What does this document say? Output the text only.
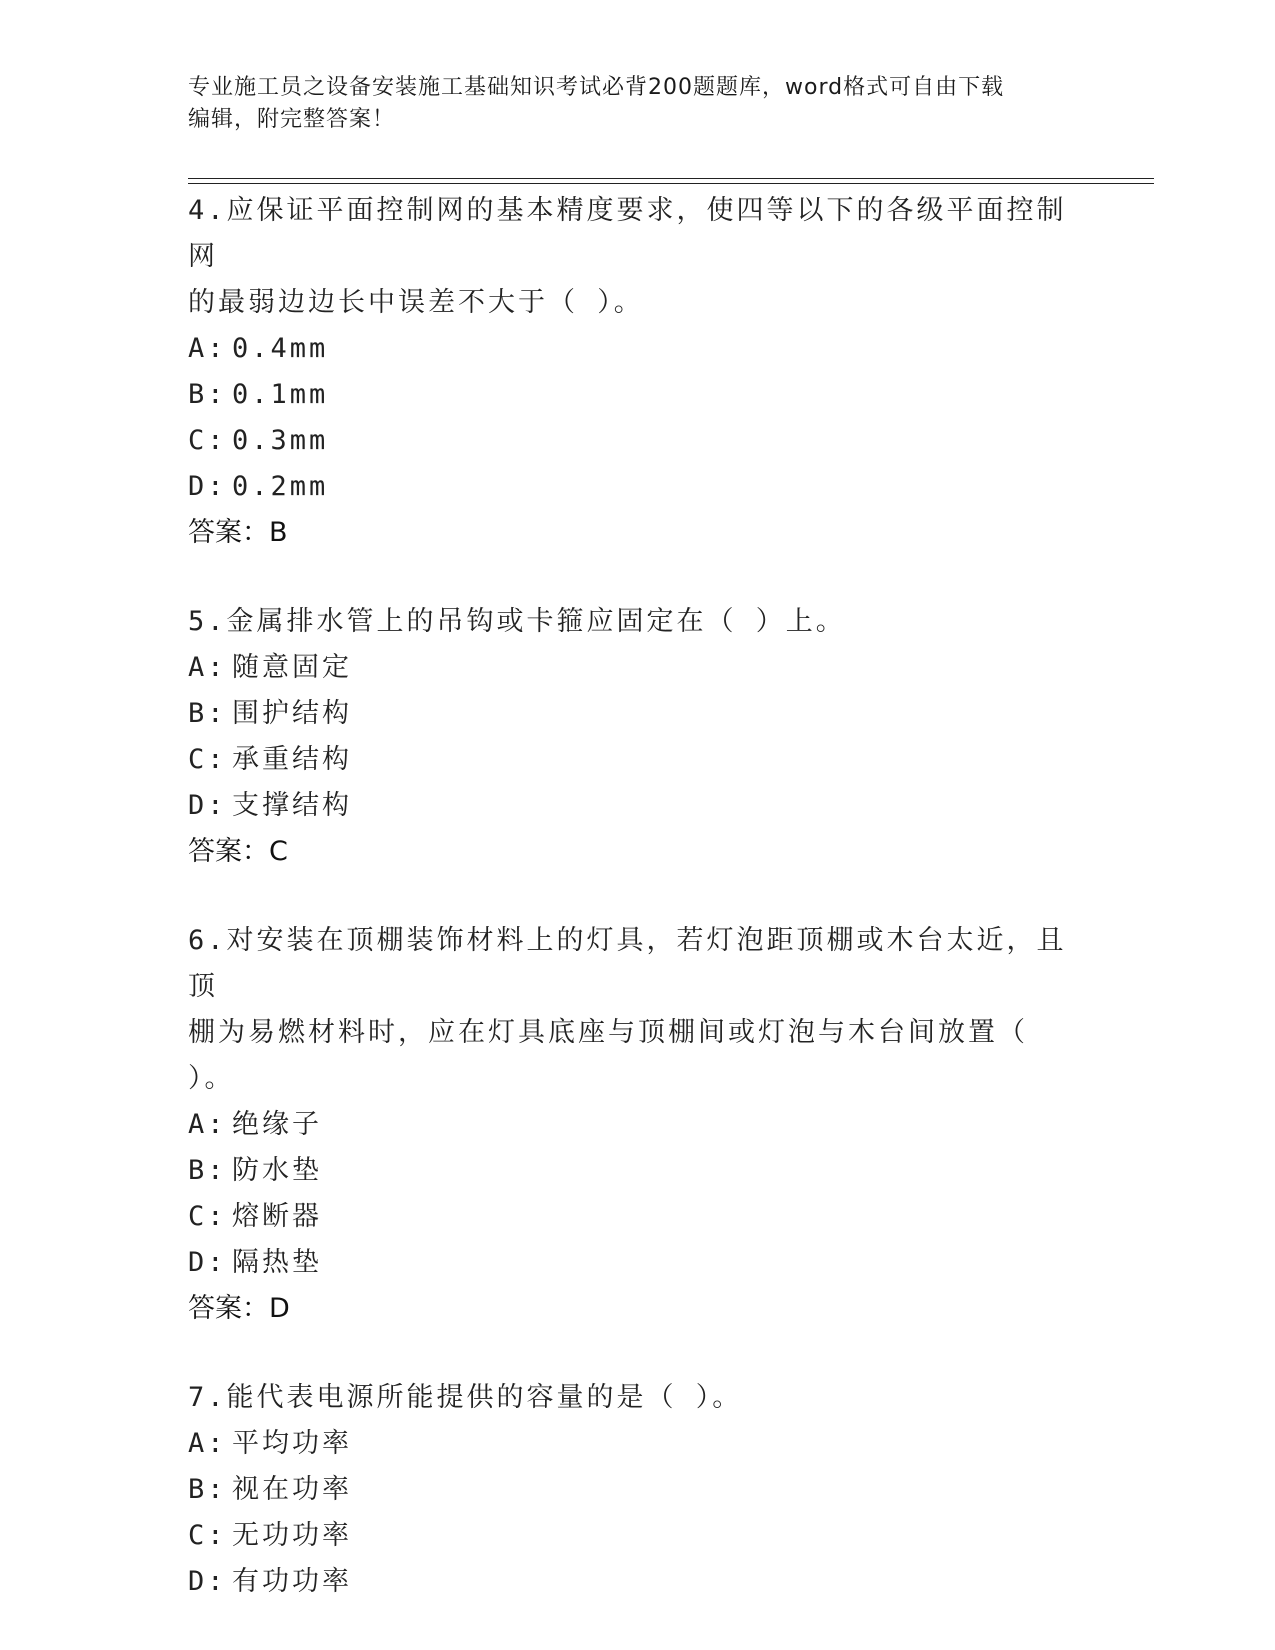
专业施工员之设备安装施工基础知识考试必背200题题库，word格式可自由下载
编辑，附完整答案！
4.应保证平面控制网的基本精度要求，使四等以下的各级平面控制网
的最弱边边长中误差不大于（ ）。
A: 0.4mm
B: 0.1mm
C: 0.3mm
D: 0.2mm
答案：B
5.金属排水管上的吊钩或卡箍应固定在（ ）上。
A: 随意固定
B: 围护结构
C: 承重结构
D: 支撑结构
答案：C
6.对安装在顶棚装饰材料上的灯具，若灯泡距顶棚或木台太近，且顶
棚为易燃材料时，应在灯具底座与顶棚间或灯泡与木台间放置（ ）。
A: 绝缘子
B: 防水垫
C: 熔断器
D: 隔热垫
答案：D
7.能代表电源所能提供的容量的是（ ）。
A: 平均功率
B: 视在功率
C: 无功功率
D: 有功功率
